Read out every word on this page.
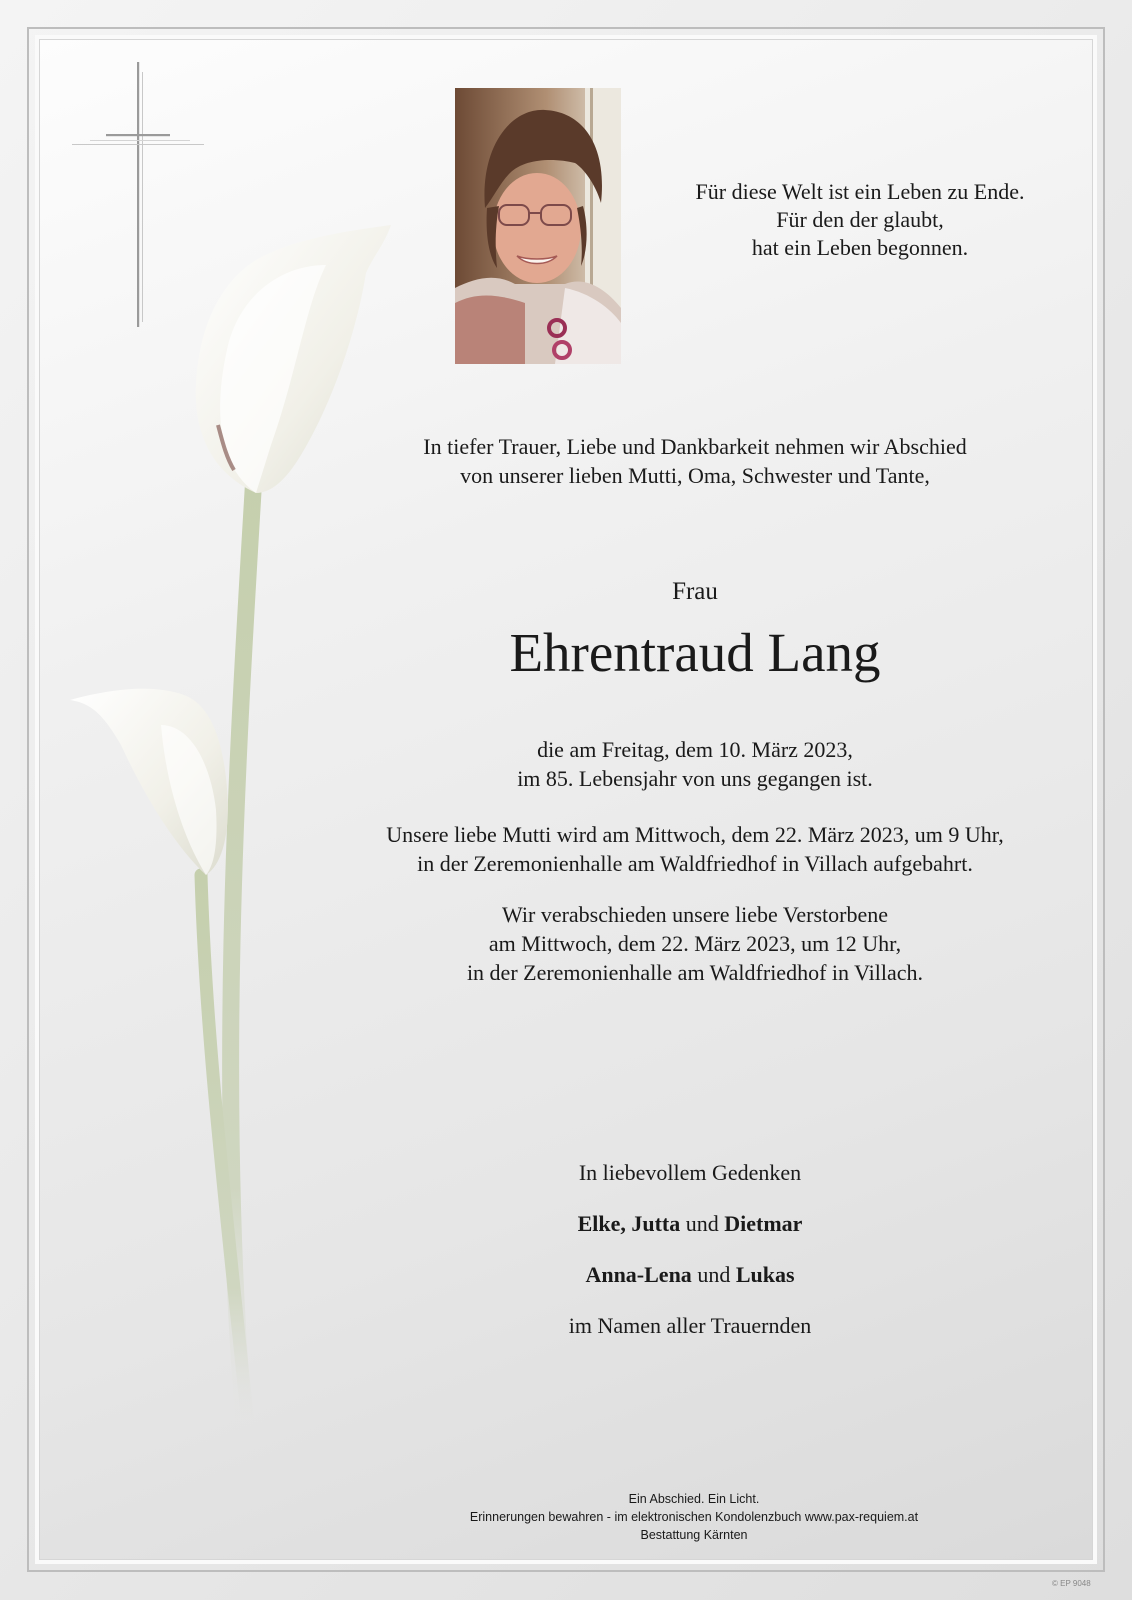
Für diese Welt ist ein Leben zu Ende.
Für den der glaubt,
hat ein Leben begonnen.
In tiefer Trauer, Liebe und Dankbarkeit nehmen wir Abschied
von unserer lieben Mutti, Oma, Schwester und Tante,
Frau
Ehrentraud Lang
die am Freitag, dem 10. März 2023,
im 85. Lebensjahr von uns gegangen ist.
Unsere liebe Mutti wird am Mittwoch, dem 22. März 2023, um 9 Uhr,
in der Zeremonienhalle am Waldfriedhof in Villach aufgebahrt.
Wir verabschieden unsere liebe Verstorbene
am Mittwoch, dem 22. März 2023, um 12 Uhr,
in der Zeremonienhalle am Waldfriedhof in Villach.
In liebevollem Gedenken
Elke, Jutta und Dietmar
Anna-Lena und Lukas
im Namen aller Trauernden
Ein Abschied. Ein Licht.
Erinnerungen bewahren - im elektronischen Kondolenzbuch www.pax-requiem.at
Bestattung Kärnten
© EP 9048
